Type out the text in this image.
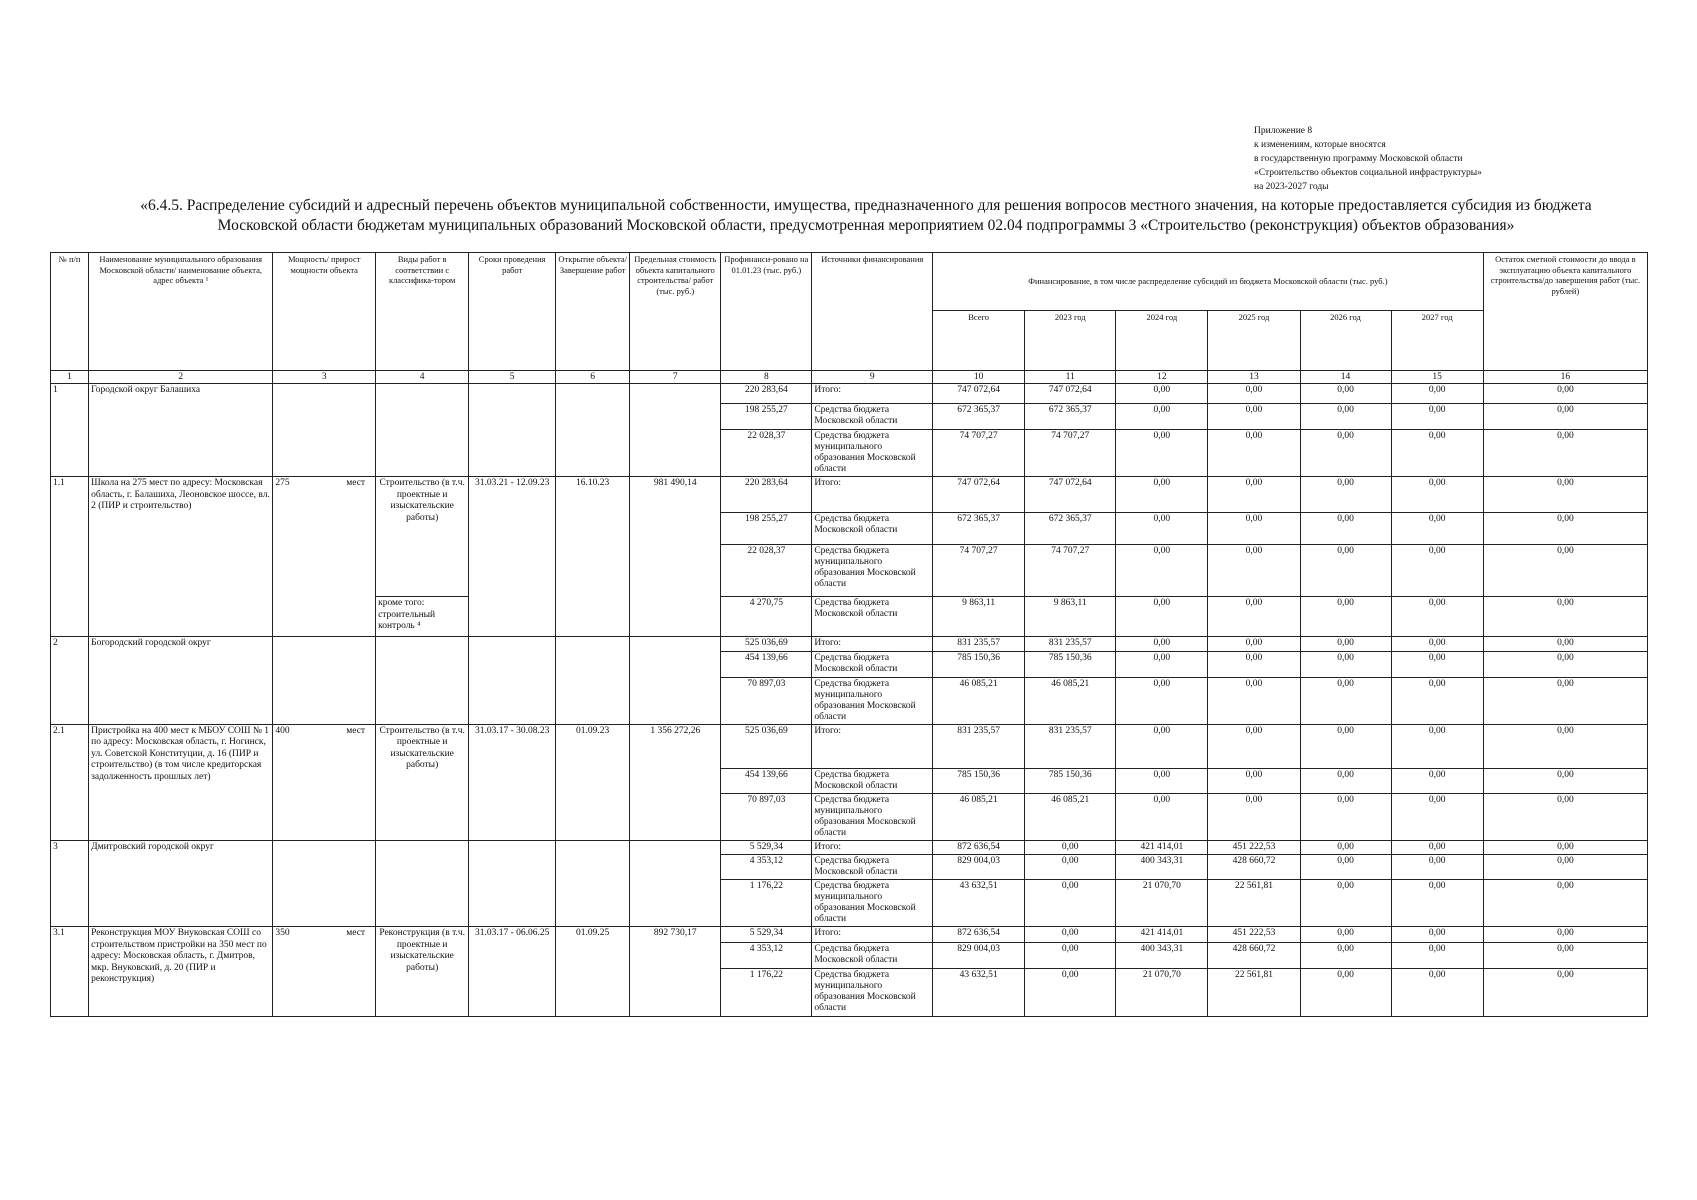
Приложение 8
к изменениям, которые вносятся
в государственную программу Московской области
«Строительство объектов социальной инфраструктуры»
на 2023-2027 годы
«6.4.5. Распределение субсидий и адресный перечень объектов муниципальной собственности, имущества, предназначенного для решения вопросов местного значения, на которые предоставляется субсидия из бюджета
Московской области бюджетам муниципальных образований Московской области, предусмотренная мероприятием 02.04 подпрограммы 3 «Строительство (реконструкция) объектов образования»
№ п/п	Наименование муниципального образования Московской области/ наименование объекта, адрес объекта ¹	Мощность/ прирост мощности объекта	Виды работ в соответствии с классифика-тором	Сроки проведения работ	Открытие объекта/ Завершение работ	Предельная стоимость объекта капитального строительства/ работ (тыс. руб.)	Профинанси-ровано на 01.01.23 (тыс. руб.)	Источники финансирования	Финансирование, в том числе распределение субсидий из бюджета Московской области (тыс. руб.)						Остаток сметной стоимости до ввода в эксплуатацию объекта капитального строительства/до завершения работ (тыс. рублей)
									Всего	2023 год	2024 год	2025 год	2026 год	2027 год	
1	2	3	4	5	6	7	8	9	10	11	12	13	14	15	16
1	Городской округ Балашиха						220 283,64	Итого:	747 072,64	747 072,64	0,00	0,00	0,00	0,00	0,00
							198 255,27	Средства бюджета Московской области	672 365,37	672 365,37	0,00	0,00	0,00	0,00	0,00
							22 028,37	Средства бюджета муниципального образования Московской области	74 707,27	74 707,27	0,00	0,00	0,00	0,00	0,00
1.1	Школа на 275 мест по адресу: Московская область, г. Балашиха, Леоновское шоссе, вл. 2 (ПИР и строительство)	275 мест	Строительство (в т.ч. проектные и изыскательские работы)	31.03.21 - 12.09.23	16.10.23	981 490,14	220 283,64	Итого:	747 072,64	747 072,64	0,00	0,00	0,00	0,00	0,00
							198 255,27	Средства бюджета Московской области	672 365,37	672 365,37	0,00	0,00	0,00	0,00	0,00
							22 028,37	Средства бюджета муниципального образования Московской области	74 707,27	74 707,27	0,00	0,00	0,00	0,00	0,00
			кроме того: строительный контроль ⁴				4 270,75	Средства бюджета Московской области	9 863,11	9 863,11	0,00	0,00	0,00	0,00	0,00
2	Богородский городской округ						525 036,69	Итого:	831 235,57	831 235,57	0,00	0,00	0,00	0,00	0,00
							454 139,66	Средства бюджета Московской области	785 150,36	785 150,36	0,00	0,00	0,00	0,00	0,00
							70 897,03	Средства бюджета муниципального образования Московской области	46 085,21	46 085,21	0,00	0,00	0,00	0,00	0,00
2.1	Пристройка на 400 мест к МБОУ СОШ № 1 по адресу: Московская область, г. Ногинск, ул. Советской Конституции, д. 16 (ПИР и строительство) (в том числе кредиторская задолженность прошлых лет)	400 мест	Строительство (в т.ч. проектные и изыскательские работы)	31.03.17 - 30.08.23	01.09.23	1 356 272,26	525 036,69	Итого:	831 235,57	831 235,57	0,00	0,00	0,00	0,00	0,00
							454 139,66	Средства бюджета Московской области	785 150,36	785 150,36	0,00	0,00	0,00	0,00	0,00
							70 897,03	Средства бюджета муниципального образования Московской области	46 085,21	46 085,21	0,00	0,00	0,00	0,00	0,00
3	Дмитровский городской округ						5 529,34	Итого:	872 636,54	0,00	421 414,01	451 222,53	0,00	0,00	0,00
							4 353,12	Средства бюджета Московской области	829 004,03	0,00	400 343,31	428 660,72	0,00	0,00	0,00
							1 176,22	Средства бюджета муниципального образования Московской области	43 632,51	0,00	21 070,70	22 561,81	0,00	0,00	0,00
3.1	Реконструкция МОУ Внуковская СОШ со строительством пристройки на 350 мест по адресу: Московская область, г. Дмитров, мкр. Внуковский, д. 20 (ПИР и реконструкция)	350 мест	Реконструкция (в т.ч. проектные и изыскательские работы)	31.03.17 - 06.06.25	01.09.25	892 730,17	5 529,34	Итого:	872 636,54	0,00	421 414,01	451 222,53	0,00	0,00	0,00
							4 353,12	Средства бюджета Московской области	829 004,03	0,00	400 343,31	428 660,72	0,00	0,00	0,00
							1 176,22	Средства бюджета муниципального образования Московской области	43 632,51	0,00	21 070,70	22 561,81	0,00	0,00	0,00
